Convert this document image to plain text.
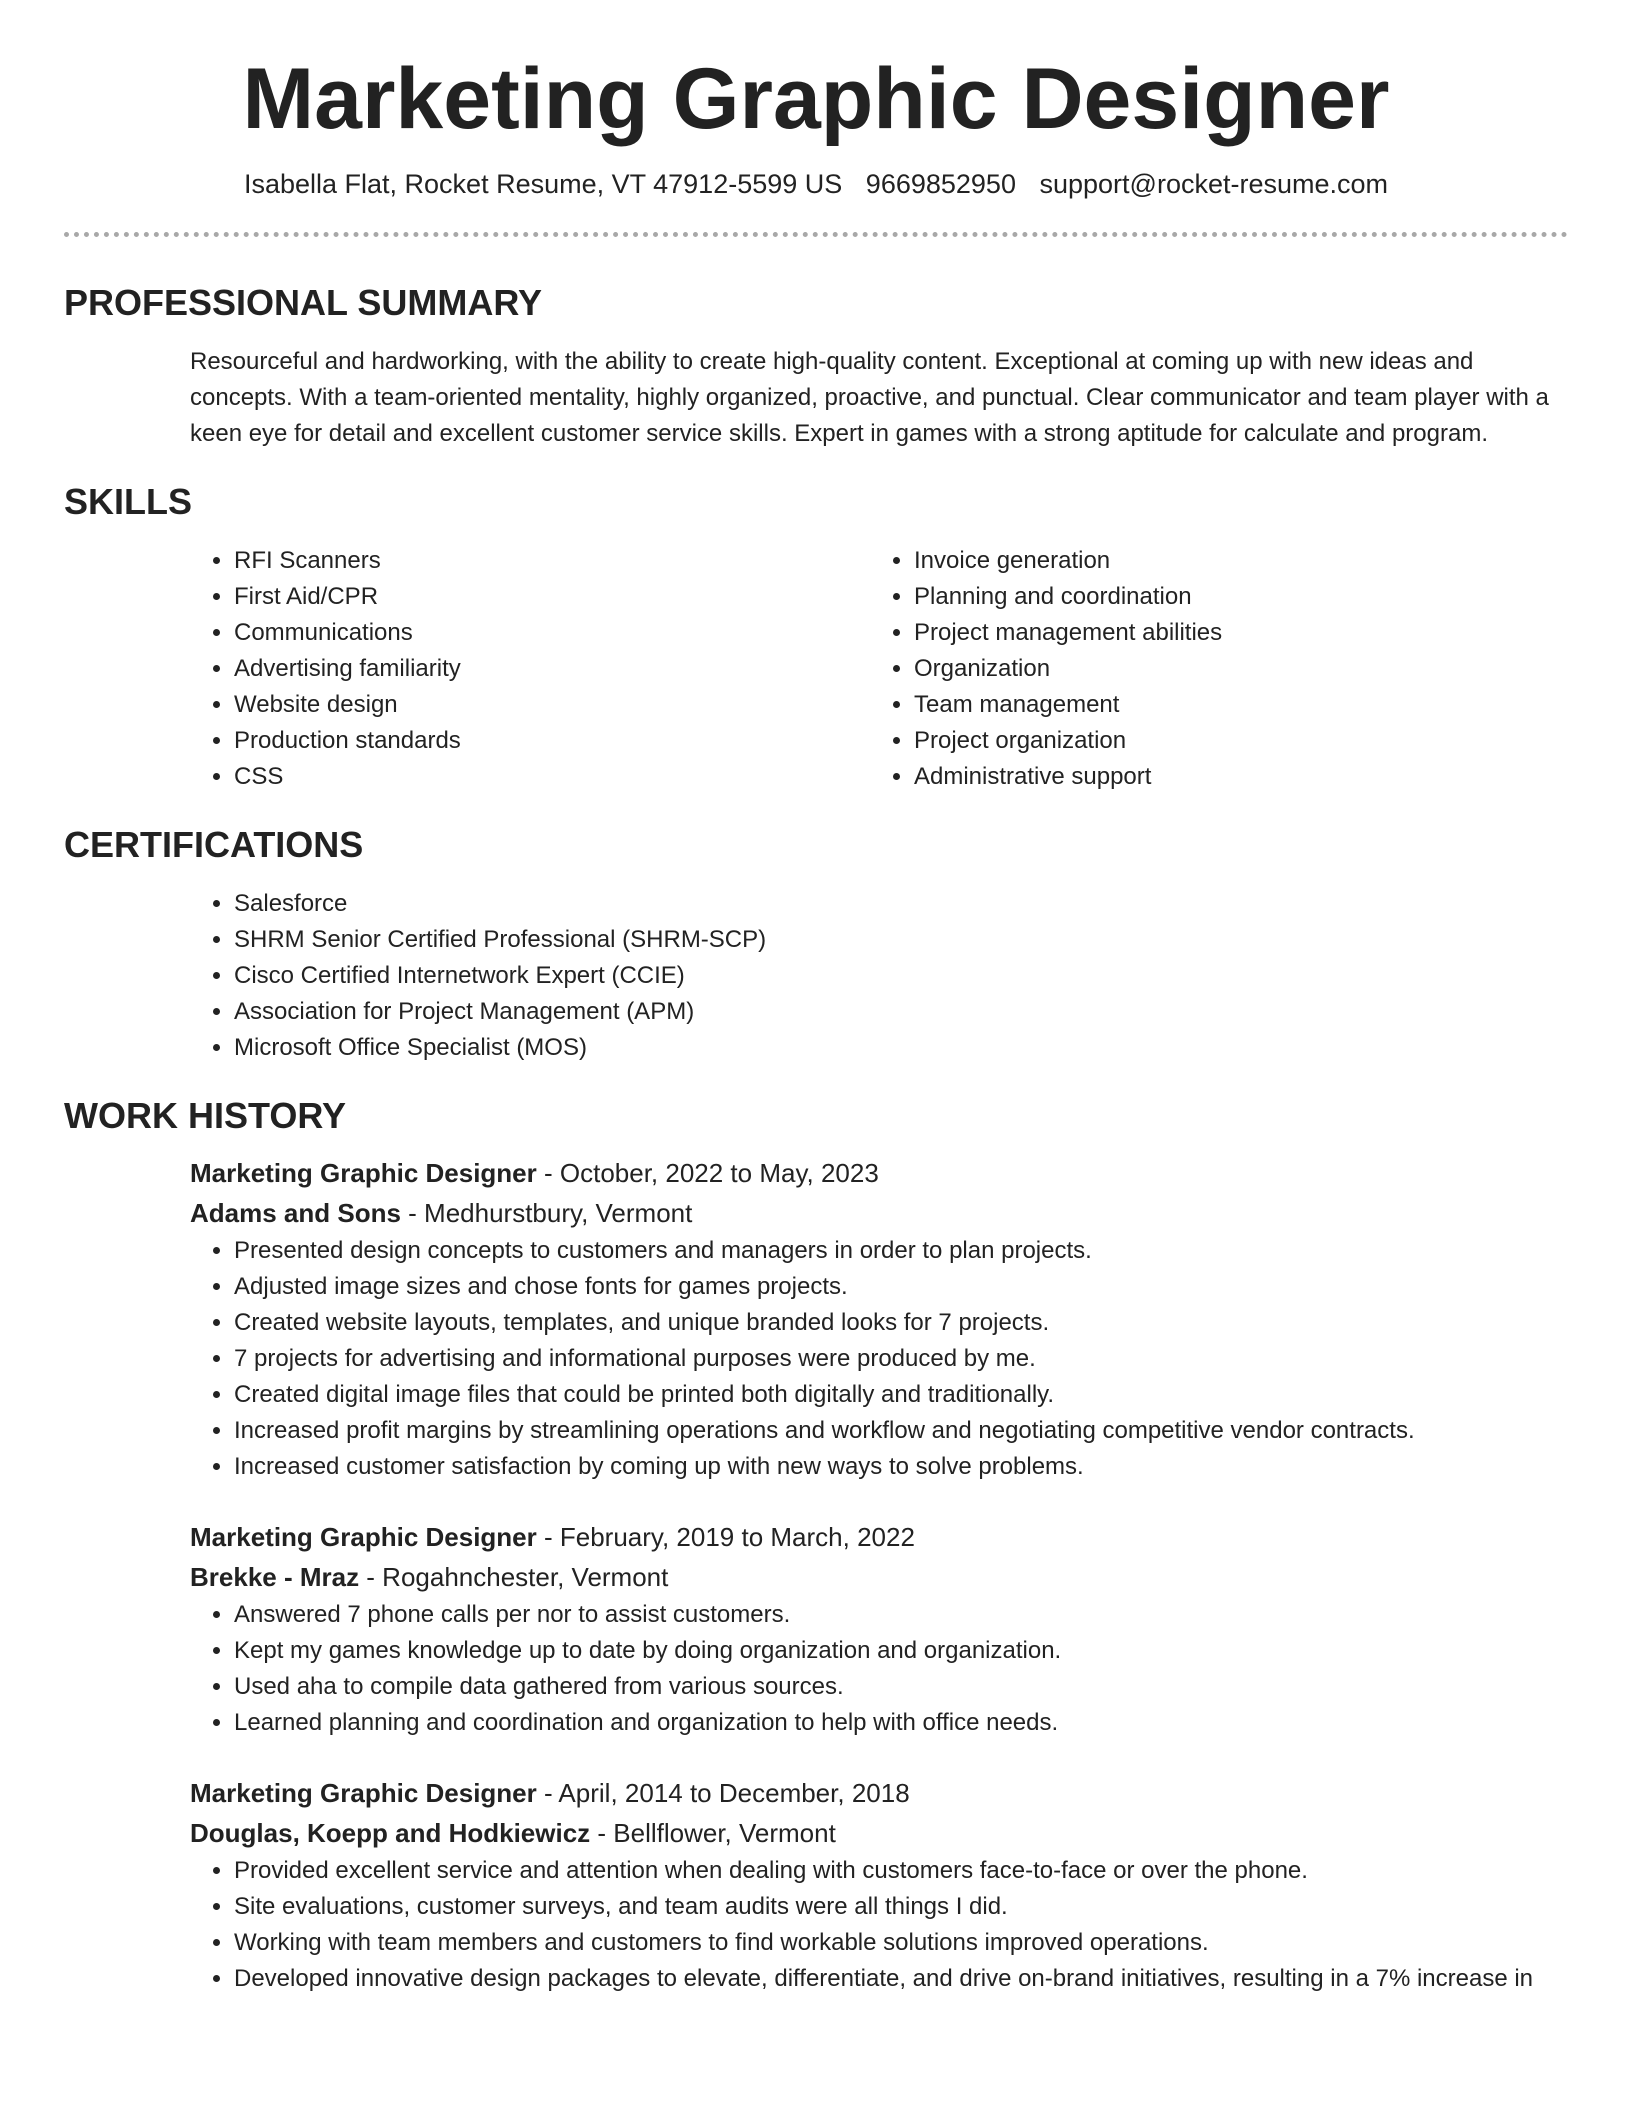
Marketing Graphic Designer
Isabella Flat, Rocket Resume, VT 47912-5599 US 9669852950 support@rocket-resume.com
PROFESSIONAL SUMMARY
Resourceful and hardworking, with the ability to create high-quality content. Exceptional at coming up with new ideas and concepts. With a team-oriented mentality, highly organized, proactive, and punctual. Clear communicator and team player with a keen eye for detail and excellent customer service skills. Expert in games with a strong aptitude for calculate and program.
SKILLS
• RFI Scanners
• First Aid/CPR
• Communications
• Advertising familiarity
• Website design
• Production standards
• CSS
• Invoice generation
• Planning and coordination
• Project management abilities
• Organization
• Team management
• Project organization
• Administrative support
CERTIFICATIONS
• Salesforce
• SHRM Senior Certified Professional (SHRM-SCP)
• Cisco Certified Internetwork Expert (CCIE)
• Association for Project Management (APM)
• Microsoft Office Specialist (MOS)
WORK HISTORY
Marketing Graphic Designer - October, 2022 to May, 2023
Adams and Sons - Medhurstbury, Vermont
• Presented design concepts to customers and managers in order to plan projects.
• Adjusted image sizes and chose fonts for games projects.
• Created website layouts, templates, and unique branded looks for 7 projects.
• 7 projects for advertising and informational purposes were produced by me.
• Created digital image files that could be printed both digitally and traditionally.
• Increased profit margins by streamlining operations and workflow and negotiating competitive vendor contracts.
• Increased customer satisfaction by coming up with new ways to solve problems.
Marketing Graphic Designer - February, 2019 to March, 2022
Brekke - Mraz - Rogahnchester, Vermont
• Answered 7 phone calls per nor to assist customers.
• Kept my games knowledge up to date by doing organization and organization.
• Used aha to compile data gathered from various sources.
• Learned planning and coordination and organization to help with office needs.
Marketing Graphic Designer - April, 2014 to December, 2018
Douglas, Koepp and Hodkiewicz - Bellflower, Vermont
• Provided excellent service and attention when dealing with customers face-to-face or over the phone.
• Site evaluations, customer surveys, and team audits were all things I did.
• Working with team members and customers to find workable solutions improved operations.
• Developed innovative design packages to elevate, differentiate, and drive on-brand initiatives, resulting in a 7% increase in
